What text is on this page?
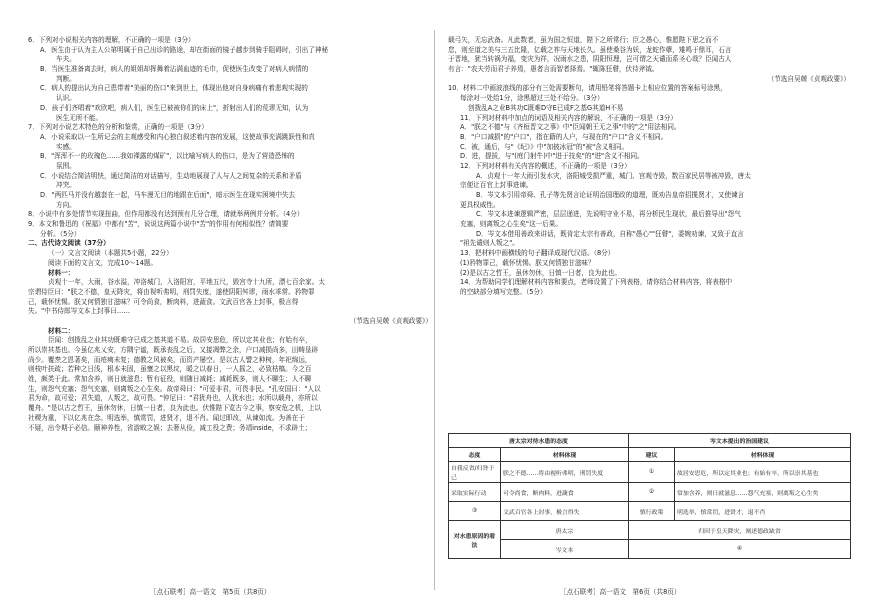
6．下列对小说相关内容的理解，不正确的一项是（3分）
A．医生由于认为主人公第明属于自己出诊的路途，却在街面的镜子越步到骑手阻碍时，引出了神秘
车夫。
B．当医生准备离去时，病人的姐姐却挥舞着沾满血迹的毛巾，促使医生改变了对病人病情的
判断。
C．病人的提出认为自己患带着"美丽的伤口"来到世上，体现出他对自身病痛有着悲观实现的
认识。
D．孩子们齐唱着"欢欣吧，病人们，医生已被被你们的床上"，折射出人们的荒谬无知，认为
医生无所不能。
7．下列对小说艺术特色的分析和鉴赏，正确的一项是（3分）
A．小说采取以一生所记会的主观感受和内心独白叙述着内容的发展，这使故事充满跳跃性和真
实感。
B．"浑浑不一的玫瑰色……我如裸露的煤矿"，以比喻写病人的伤口，是为了营造恐怖的
氛围。
C．小说结合简洁明快，通过简洁的对话描写，生动地展现了人与人之间复杂的关系和矛盾
冲突。
D．"两匹马并没有越套在一起，马车漫无目的地跟在后面"，暗示医生在现实困境中失去
方向。
8．小说中有多处情节实现扭曲，但作用都没有达到预有几分合理，请就举两例并分析。（4分）
9．本文和鲁迅的《祝福》中都有"苦"，说说这两篇小说中"苦"的作用有何相似性？请简要
分析。（5分）
二、古代诗文阅读（37分）
（一）文言文阅读（本题共5小题，22分）
阅读下面的文言文，完成10～14题。
材料一：
贞观十一年，大雨，谷水溢，冲洛城门，入洛阳宫，平地五尺，毁宫寺十九所，漂七百余家。太
宗谓侍臣曰："朕之不德，皇天降灾，将由视听弗明，刑罚失度，遂使阴阳舛谬，雨水乖常。矜物罪
己，载怀忧惕。朕又何情独甘滋味？可令尚食，断肉料，进蔬食。文武百官各上封事，极言得
失。"中书侍郎岑文本上封事曰……
（节选自吴兢《贞观政要》）
材料二：
臣闻：创拨乱之业其功既难守已成之基其道不易。故居安思危，所以定其业也；有始有卒，
所以崇其基也。今虽亿兆乂安，方隅宁谧，既承丧乱之后，又接凋弊之余，户口减损尚多，田畴垦辟
尚少。覆焘之恩著矣，而疮痍未复；德教之风被矣，而资产屡空。是以古人譬之种树，年祀绵远，
则枝叶扶疏；若种之日浅，根本未固，虽壅之以黑坟，暖之以春日，一人摇之，必致枯槁。今之百
姓，颇类于此。常加含养，则日就滋息；暂有征役，则随日减耗；减耗既多，则人不聊生；人不聊
生，则怨气充塞；怨气充塞，则离叛之心生矣。故帝舜曰："可爱非君，可畏非民。"孔安国曰："人以
君为命，故可爱；君失道，人叛之，故可畏。"仲尼曰："君犹舟也，人犹水也；水所以载舟，亦所以
覆舟。"是以古之哲王，虽休勿休，日慎一日者，良为此也。伏惟陛下览古今之事，察安危之机，上以
社稷为重，下以亿兆在念。明选举，慎赏罚，进贤才，退不肖。闻过即改，从谏如流。为善在于
不疑，出令期于必信。颐神养性，省游畋之娱；去奢从俭，减工役之费；务靖inside，不求辟土；
载弓矢，无忘武备。凡此数者，虽为国之恒道，陛下之所常行；臣之愚心，惟愿陛下思之而不
怠，则至道之美与三五比隆，亿载之祚与天地长久。虽使桑谷为妖，龙蛇作孽，雉鸣于鼎耳，石言
于晋地，犹当转祸为福，变灾为祥，况雨水之患，阴阳恒理，岂可谓之天谴而系圣心哉？臣闻古人
有言："农夫劳而君子养焉，愚者言而智者择焉。"辄陈狂瞽，伏待斧钺。
（节选自吴兢《贞观政要》）
10．材料二中画波浪线的部分有三处需要断句，请用铅笔将答题卡上相应位置的答案标号涂黑，
每涂对一处给1分，涂黑超过三处不给分。（3分）
创拨乱A之业B其功C既难D守E已成F之基G其道H不易
11．下列对材料中加点的词语及相关内容的解说，不正确的一项是（3分）
A．"朕之不德"与《齐桓晋文之事》中"臣闻朝王无之事"中的"之"用法相同。
B．"户口减损"的"户口"，指在籍的人户，与现在的"户口"含义不相同。
C．被，通后，与"《纪》》中"加披冰冠"的"被"含义相同。
D．进，提拔，与"(庭门射牛)中"进于技矣"的"进"含义不相同。
12．下列对材料有关内容的概述，不正确的一项是（3分）
A．贞观十一年大雨引发水灾，洛阳城受损严重，城门、宫观寺毁，数百家民居等被冲毁，唐太
宗便让百官上封事进谏。
B．岑文本引用帝舜、孔子等先贤言论证明治国理政的道理，既劝告皇帝招揽贤才，又使谏言
更具权威性。
C．岑文本进谏逻辑严密，层层递进，先说明守业不易，再分析民生现状，最后推导出"怨气
充塞，则离叛之心生矣"这一后果。
D．岑文本借用善政来讲话，既肯定太宗有善政，自称"愚心""狂瞽"，委婉劝谏，又致于直言
"祖先谴则人叛之"。
13．把材料中画横线的句子翻译成现代汉语。（8分）
(1)矜物罪己，载怀忧惕。朕又何情独甘滋味？
(2)是以古之哲王，虽休勿休，日慎一日者，良为此也。
14．为帮助同学们理解材料内容和要点，老师设置了下列表格，请你结合材料内容，将表格中
的空缺部分填写完整。（5分）
唐太宗对待水患的态度		岑文本提出的治国建议	
态度	材料体现	建议	材料体现
自我反省/归咎于己	朕之不德……将由视听弗明，刑罚失度	①	故居安思危，所以定其业也；有始有卒，所以崇其基也
采取实际行动	可令尚食，断肉料，进蔬食	②	常加含养，则日就滋息……怨气充塞，则离叛之心生矣
③	文武百官各上封事，极言得失	慎行政策	明选举，慎赏罚，进贤才，退不肖
对水患原因的看法	唐太宗	归因于皇天降灾，阐述德政缺省	
	岑文本	④	
［点石联考］高一语文　第5页（共8页）	［点石联考］高一语文　第6页（共8页）
